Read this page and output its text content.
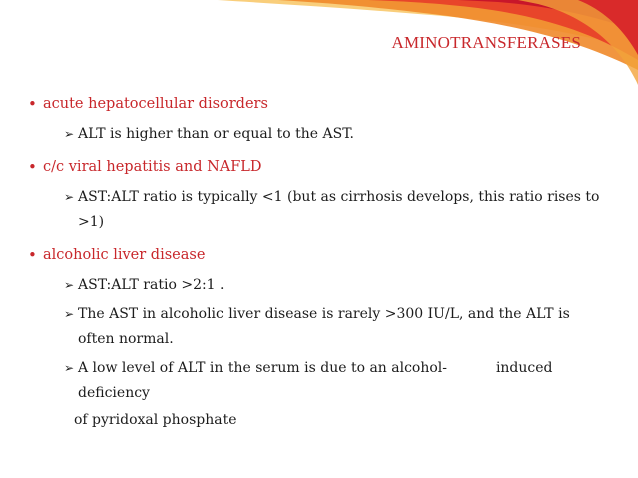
AMINOTRANSFERASES
• acute hepatocellular disorders
➢ ALT is higher than or equal to the AST.
• c/c viral hepatitis and NAFLD
➢ AST:ALT ratio is typically <1 (but as cirrhosis develops, this ratio rises to >1)
• alcoholic liver disease
➢ AST:ALT ratio >2:1 .
➢ The AST in alcoholic liver disease is rarely >300 IU/L, and the ALT is often normal.
➢ A low level of ALT in the serum is due to an alcohol-	induced
deficiency
of pyridoxal phosphate
